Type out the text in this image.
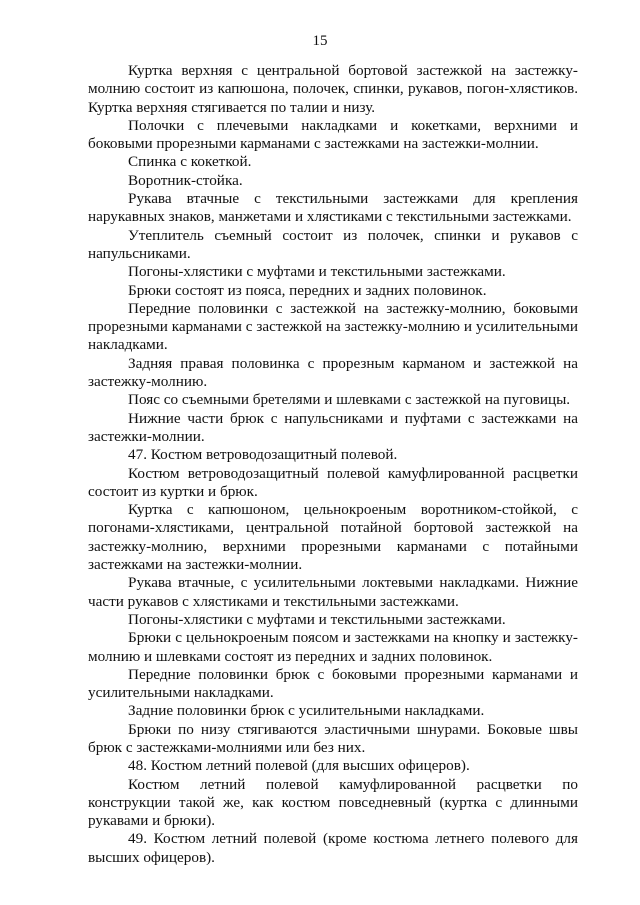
15

Куртка верхняя с центральной бортовой застежкой на застежку-молнию состоит из капюшона, полочек, спинки, рукавов, погон-хлястиков. Куртка верхняя стягивается по талии и низу.

Полочки с плечевыми накладками и кокетками, верхними и боковыми прорезными карманами с застежками на застежки-молнии.

Спинка с кокеткой.

Воротник-стойка.

Рукава втачные с текстильными застежками для крепления нарукавных знаков, манжетами и хлястиками с текстильными застежками.

Утеплитель съемный состоит из полочек, спинки и рукавов с напульсниками.

Погоны-хлястики с муфтами и текстильными застежками.

Брюки состоят из пояса, передних и задних половинок.

Передние половинки с застежкой на застежку-молнию, боковыми прорезными карманами с застежкой на застежку-молнию и усилительными накладками.

Задняя правая половинка с прорезным карманом и застежкой на застежку-молнию.

Пояс со съемными бретелями и шлевками с застежкой на пуговицы.

Нижние части брюк с напульсниками и пуфтами с застежками на застежки-молнии.

47. Костюм ветроводозащитный полевой.

Костюм ветроводозащитный полевой камуфлированной расцветки состоит из куртки и брюк.

Куртка с капюшоном, цельнокроеным воротником-стойкой, с погонами-хлястиками, центральной потайной бортовой застежкой на застежку-молнию, верхними прорезными карманами с потайными застежками на застежки-молнии.

Рукава втачные, с усилительными локтевыми накладками. Нижние части рукавов с хлястиками и текстильными застежками.

Погоны-хлястики с муфтами и текстильными застежками.

Брюки с цельнокроеным поясом и застежками на кнопку и застежку-молнию и шлевками состоят из передних и задних половинок.

Передние половинки брюк с боковыми прорезными карманами и усилительными накладками.

Задние половинки брюк с усилительными накладками.

Брюки по низу стягиваются эластичными шнурами. Боковые швы брюк с застежками-молниями или без них.

48. Костюм летний полевой (для высших офицеров).

Костюм летний полевой камуфлированной расцветки по конструкции такой же, как костюм повседневный (куртка с длинными рукавами и брюки).

49. Костюм летний полевой (кроме костюма летнего полевого для высших офицеров).
